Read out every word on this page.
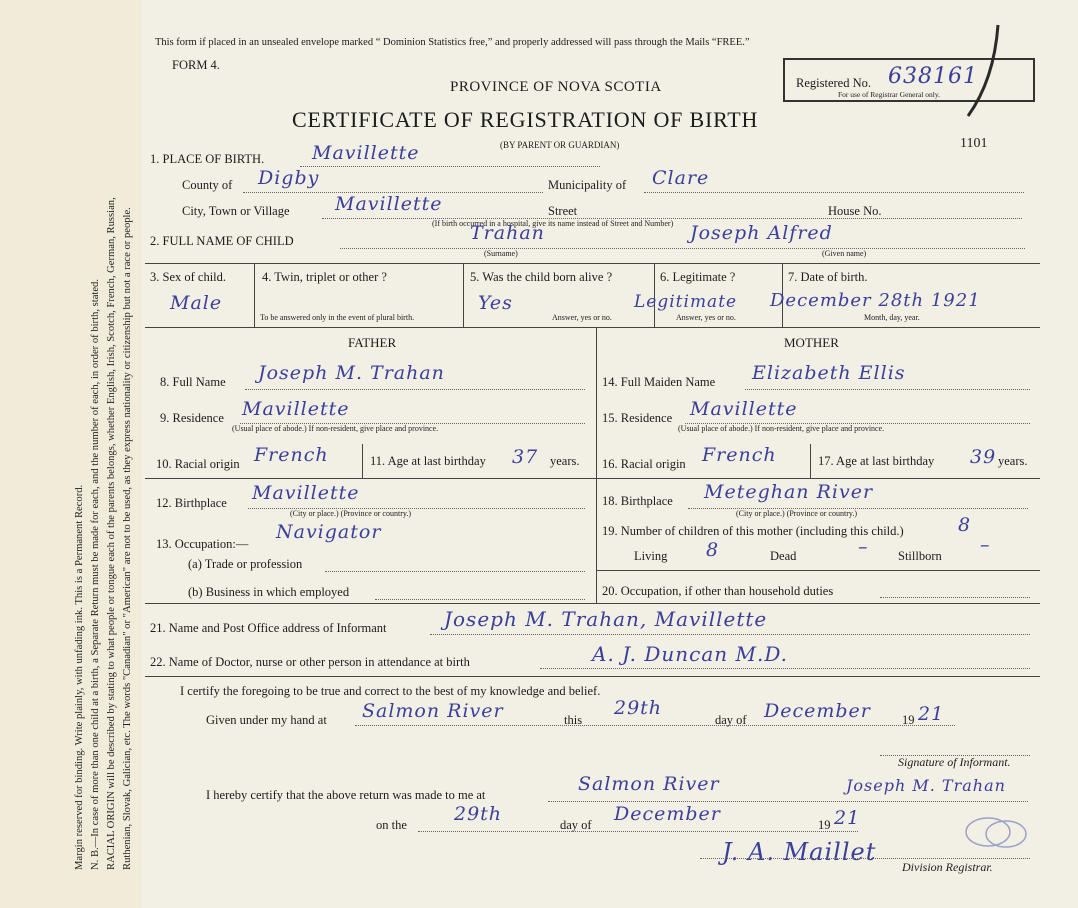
Margin reserved for binding. Write plainly, with unfading ink. This is a Permanent Record. N. B.—In case of more than one child at a birth, a Separate Return must be made for each, and the number of each, in order of birth, stated. RACIAL ORIGIN will be described by stating to what people or tongue each of the parents belongs, whether English, Irish, Scotch, French, German, Russian, Ruthenian, Slovak, Galician, etc. The words "Canadian" or "American" are not to be used, as they express nationality or citizenship but not a race or people.
This form if placed in an unsealed envelope marked “ Dominion Statistics free,” and properly addressed will pass through the Mails “FREE.”
FORM 4.
PROVINCE OF NOVA SCOTIA
CERTIFICATE OF REGISTRATION OF BIRTH
(BY PARENT OR GUARDIAN)
Registered No. 638161
For use of Registrar General only.
1101
1. PLACE OF BIRTH.	Mavillette
County of Digby	Municipality of Clare
City, Town or Village Mavillette	Street	House No.
(If birth occurred in a hospital, give its name instead of Street and Number)
2. FULL NAME OF CHILD	Trahan	Joseph Alfred
(Surname)	(Given name)
3. Sex of child.
Male
4. Twin, triplet or other ?
To be answered only in the event of plural birth.
5. Was the child born alive ?
Yes
Answer, yes or no.
6. Legitimate ?
Legitimate
Answer, yes or no.
7. Date of birth.
December 28th 1921
Month, day, year.
FATHER	MOTHER
8. Full Name Joseph M. Trahan
9. Residence Mavillette
(Usual place of abode.) If non-resident, give place and province.
10. Racial origin French	11. Age at last birthday 37 years.
12. Birthplace Mavillette
(City or place.) (Province or country.)
13. Occupation:—
Navigator
(a) Trade or profession
(b) Business in which employed
14. Full Maiden Name Elizabeth Ellis
15. Residence Mavillette
(Usual place of abode.) If non-resident, give place and province.
16. Racial origin French	17. Age at last birthday 39 years.
18. Birthplace Meteghan River
(City or place.) (Province or country.)
19. Number of children of this mother (including this child.)	8
Living 8	Dead	– Stillborn –
20. Occupation, if other than household duties
21. Name and Post Office address of Informant	Joseph M. Trahan, Mavillette
22. Name of Doctor, nurse or other person in attendance at birth	A. J. Duncan M.D.
I certify the foregoing to be true and correct to the best of my knowledge and belief.
Given under my hand at Salmon River	this
29th
day of December 19 21
Signature of Informant.
I hereby certify that the above return was made to me at	Salmon River	Joseph M. Trahan
on the 29th	day of December	19 21
J. A. Maillet
Division Registrar.
